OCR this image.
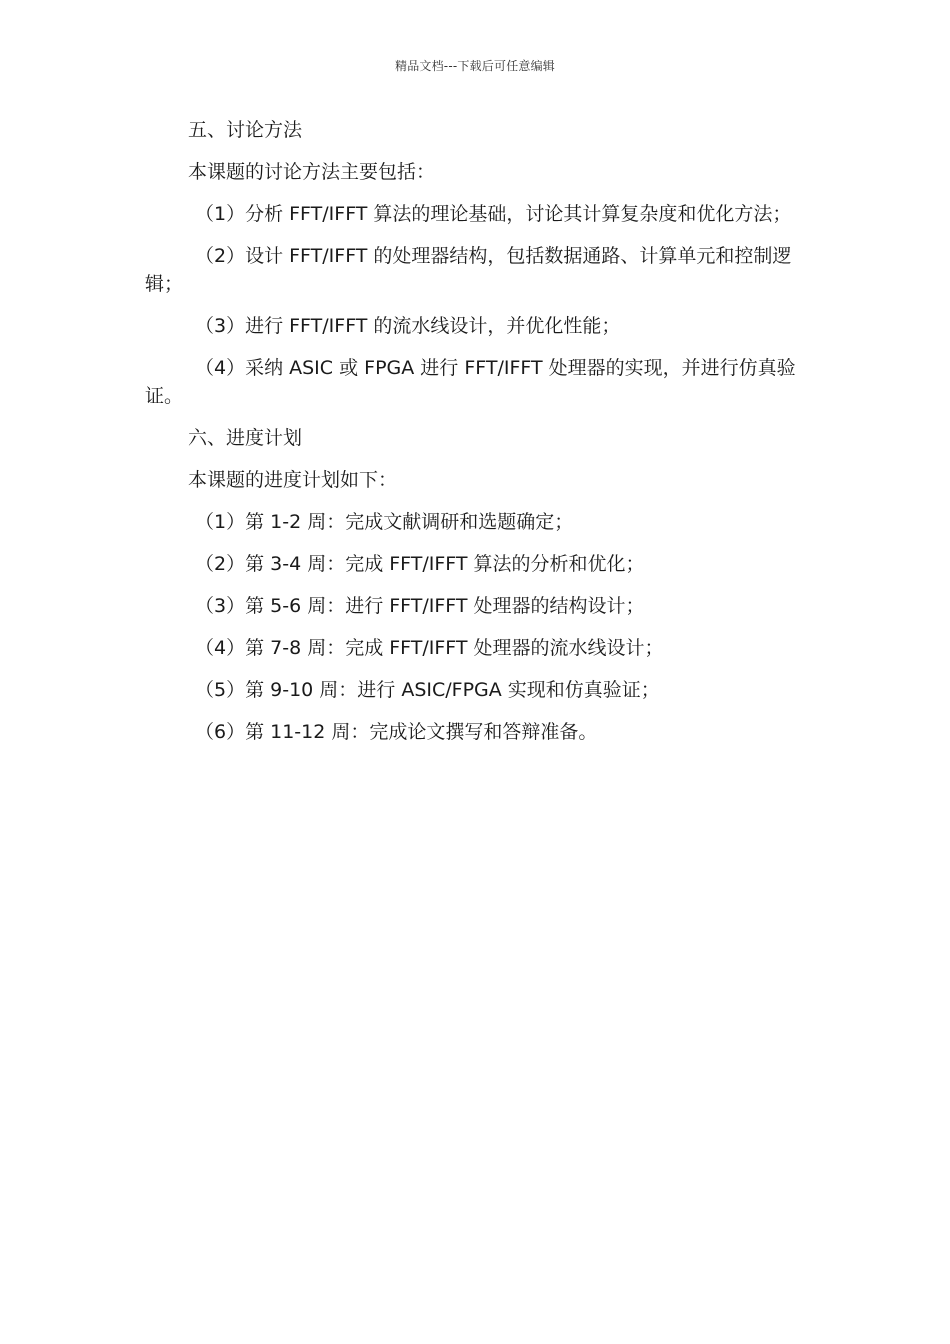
精品文档---下载后可任意编辑

五、讨论方法

本课题的讨论方法主要包括：

（1）分析 FFT/IFFT 算法的理论基础，讨论其计算复杂度和优化方法；

（2）设计 FFT/IFFT 的处理器结构，包括数据通路、计算单元和控制逻辑；

（3）进行 FFT/IFFT 的流水线设计，并优化性能；

（4）采纳 ASIC 或 FPGA 进行 FFT/IFFT 处理器的实现，并进行仿真验证。

六、进度计划

本课题的进度计划如下：

（1）第 1-2 周：完成文献调研和选题确定；

（2）第 3-4 周：完成 FFT/IFFT 算法的分析和优化；

（3）第 5-6 周：进行 FFT/IFFT 处理器的结构设计；

（4）第 7-8 周：完成 FFT/IFFT 处理器的流水线设计；

（5）第 9-10 周：进行 ASIC/FPGA 实现和仿真验证；

（6）第 11-12 周：完成论文撰写和答辩准备。
